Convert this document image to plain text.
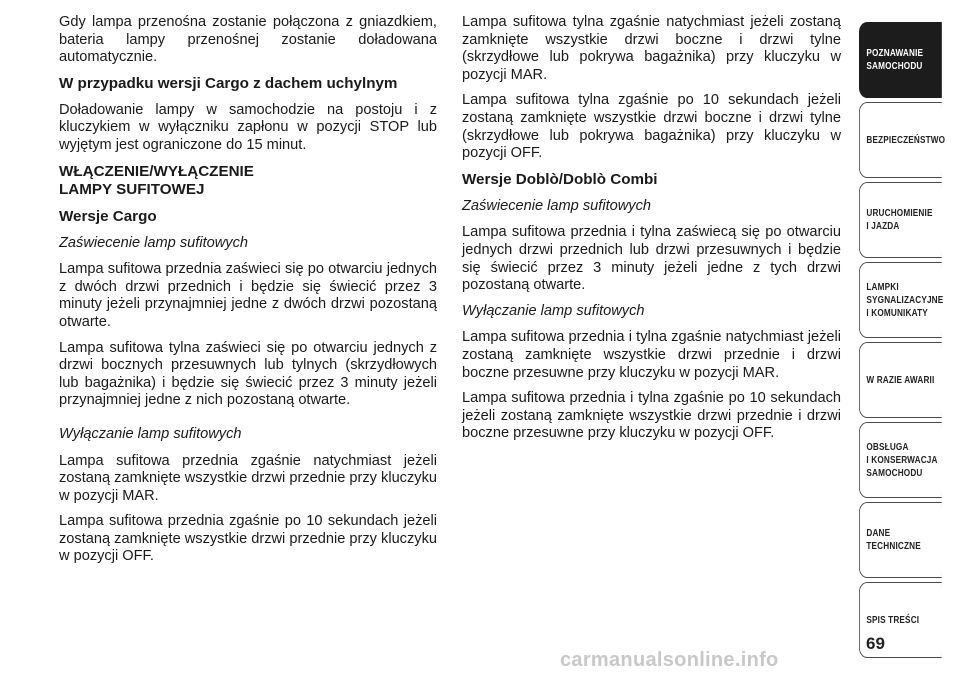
Gdy lampa przenośna zostanie połączona z gniazdkiem, bateria lampy przenośnej zostanie doładowana automatycznie.

W przypadku wersji Cargo z dachem uchylnym

Doładowanie lampy w samochodzie na postoju i z kluczykiem w wyłączniku zapłonu w pozycji STOP lub wyjętym jest ograniczone do 15 minut.

WŁĄCZENIE/WYŁĄCZENIE
LAMPY SUFITOWEJ
Wersje Cargo
Zaświecenie lamp sufitowych

Lampa sufitowa przednia zaświeci się po otwarciu jednych z dwóch drzwi przednich i będzie się świecić przez 3 minuty jeżeli przynajmniej jedne z dwóch drzwi pozostaną otwarte.

Lampa sufitowa tylna zaświeci się po otwarciu jednych z drzwi bocznych przesuwnych lub tylnych (skrzydłowych lub bagażnika) i będzie się świecić przez 3 minuty jeżeli przynajmniej jedne z nich pozostaną otwarte.

Wyłączanie lamp sufitowych

Lampa sufitowa przednia zgaśnie natychmiast jeżeli zostaną zamknięte wszystkie drzwi przednie przy kluczyku w pozycji MAR.

Lampa sufitowa przednia zgaśnie po 10 sekundach jeżeli zostaną zamknięte wszystkie drzwi przednie przy kluczyku w pozycji OFF.

Lampa sufitowa tylna zgaśnie natychmiast jeżeli zostaną zamknięte wszystkie drzwi boczne i drzwi tylne (skrzydłowe lub pokrywa bagażnika) przy kluczyku w pozycji MAR.

Lampa sufitowa tylna zgaśnie po 10 sekundach jeżeli zostaną zamknięte wszystkie drzwi boczne i drzwi tylne (skrzydłowe lub pokrywa bagażnika) przy kluczyku w pozycji OFF.

Wersje Doblò/Doblò Combi
Zaświecenie lamp sufitowych

Lampa sufitowa przednia i tylna zaświecą się po otwarciu jednych drzwi przednich lub drzwi przesuwnych i będzie się świecić przez 3 minuty jeżeli jedne z tych drzwi pozostaną otwarte.

Wyłączanie lamp sufitowych

Lampa sufitowa przednia i tylna zgaśnie natychmiast jeżeli zostaną zamknięte wszystkie drzwi przednie i drzwi boczne przesuwne przy kluczyku w pozycji MAR.

Lampa sufitowa przednia i tylna zgaśnie po 10 sekundach jeżeli zostaną zamknięte wszystkie drzwi przednie i drzwi boczne przesuwne przy kluczyku w pozycji OFF.

POZNAWANIE
SAMOCHODU
BEZPIECZEŃSTWO
URUCHOMIENIE
I JAZDA
LAMPKI
SYGNALIZACYJNE
I KOMUNIKATY
W RAZIE AWARII
OBSŁUGA
I KONSERWACJA
SAMOCHODU
DANE
TECHNICZNE
SPIS TREŚCI
69
carmanualsonline.info
